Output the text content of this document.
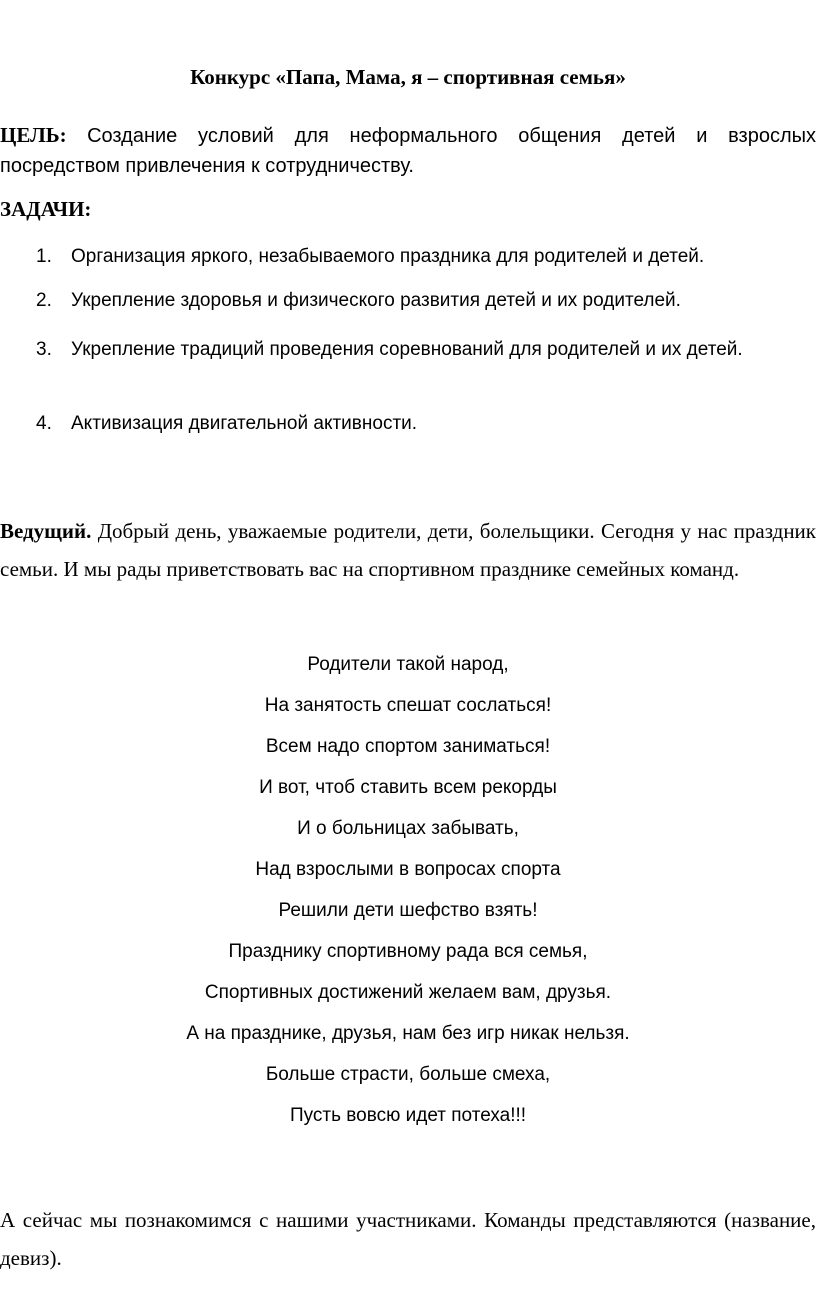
Конкурс «Папа, Мама, я – спортивная семья»
ЦЕЛЬ: Создание условий для неформального общения детей и взрослых посредством привлечения к сотрудничеству.
ЗАДАЧИ:
1. Организация яркого, незабываемого праздника для родителей и детей.
2. Укрепление здоровья и физического развития детей и их родителей.
3. Укрепление традиций проведения соревнований для родителей и их детей.
4. Активизация двигательной активности.
Ведущий. Добрый день, уважаемые родители, дети, болельщики. Сегодня у нас праздник семьи. И мы рады приветствовать вас на спортивном празднике семейных команд.
Родители такой народ,
На занятость спешат сослаться!
Всем надо спортом заниматься!
И вот, чтоб ставить всем рекорды
И о больницах забывать,
Над взрослыми в вопросах спорта
Решили дети шефство взять!
Празднику спортивному рада вся семья,
Спортивных достижений желаем вам, друзья.
А на празднике, друзья, нам без игр никак нельзя.
Больше страсти, больше смеха,
Пусть вовсю идет потеха!!!
А сейчас мы познакомимся с нашими участниками. Команды представляются (название, девиз).
